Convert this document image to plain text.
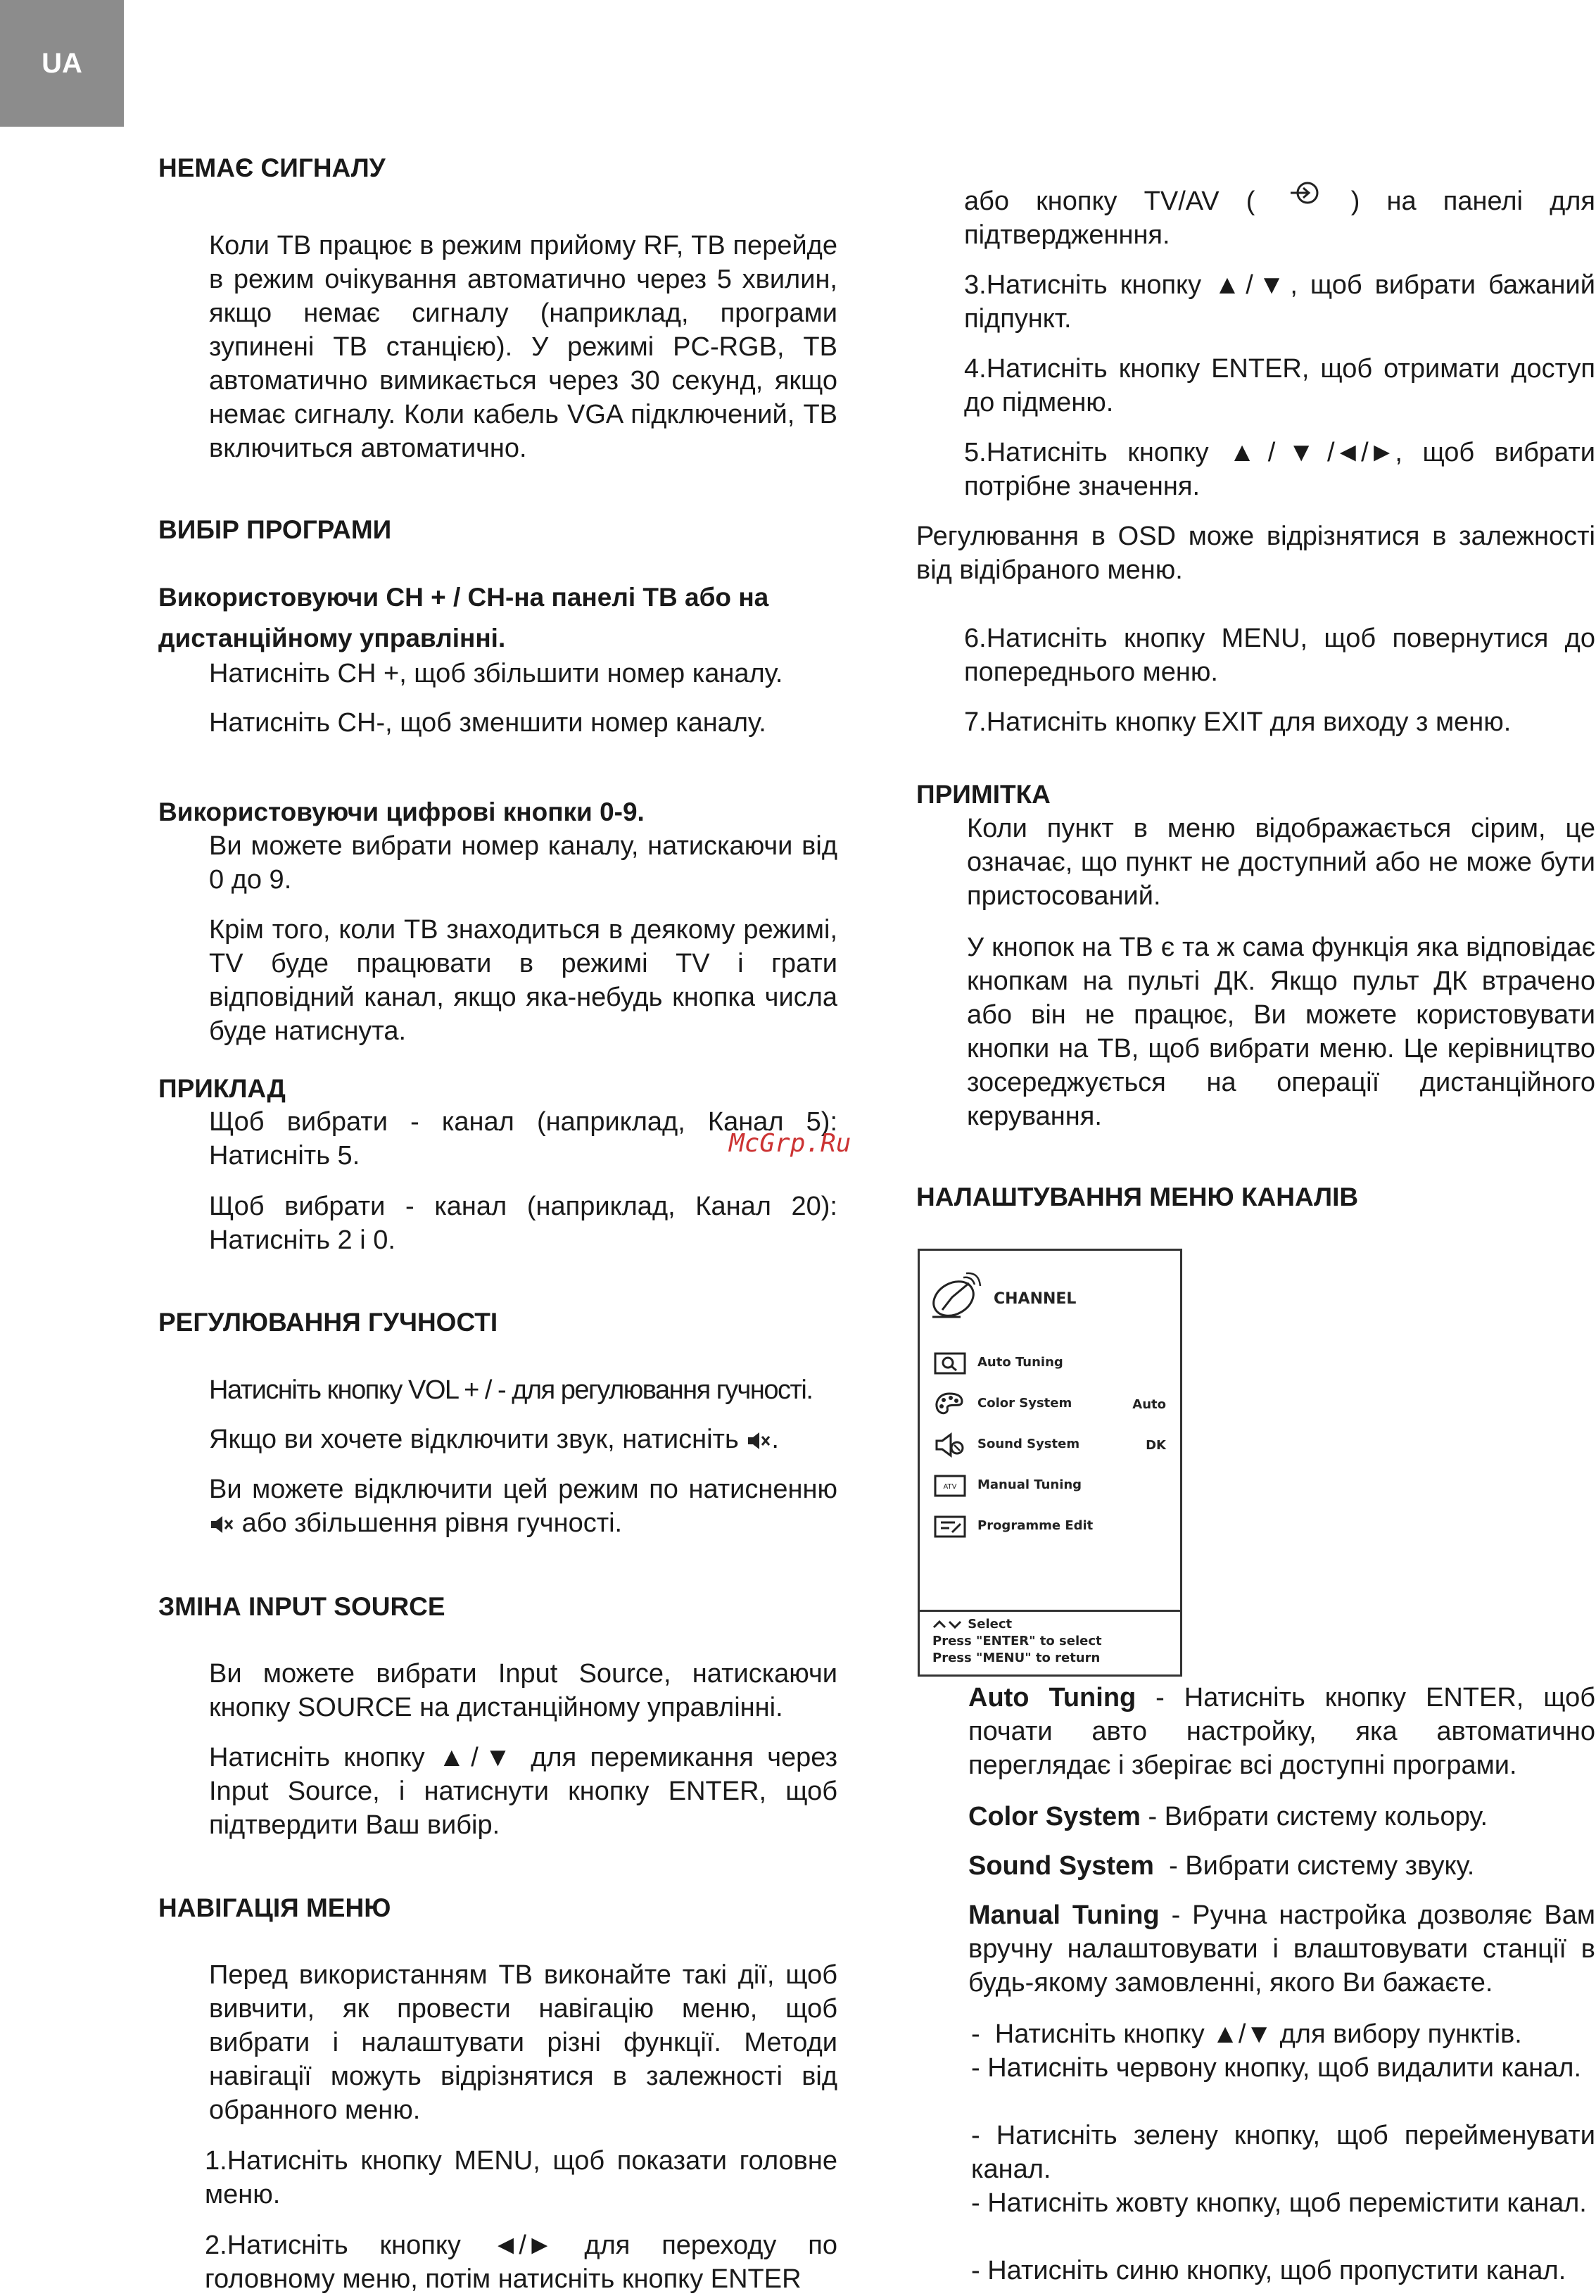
UA
НЕМАЄ СИГНАЛУ

Коли ТВ працює в режим прийому RF, ТВ перейде в режим очікування автоматично через 5 хвилин, якщо немає сигналу (наприклад, програми зупинені ТВ станцією). У режимі PC-RGB, ТВ автоматично вимикається через 30 секунд, якщо немає сигналу. Коли кабель VGA підключений, ТВ включиться автоматично.

ВИБІР ПРОГРАМИ

Використовуючи CH + / CH-на панелі ТВ або на дистанційному управлінні.

Натисніть CH +, щоб збільшити номер каналу.

Натисніть CH-, щоб зменшити номер каналу.

Використовуючи цифрові кнопки 0-9.

Ви можете вибрати номер каналу, натискаючи від 0 до 9.

Крім того, коли ТВ знаходиться в деякому режимі, TV буде працювати в режимі TV і грати відповідний канал, якщо яка-небудь кнопка числа буде натиснута.

ПРИКЛАД

Щоб вибрати - канал (наприклад, Канал 5): Натисніть 5.

Щоб вибрати - канал (наприклад, Канал 20): Натисніть 2 і 0.

РЕГУЛЮВАННЯ ГУЧНОСТІ

Натисніть кнопку VOL + / - для регулювання гучності.

Якщо ви хочете відключити звук, натисніть .

Ви можете відключити цей режим по натисненню  або збільшення рівня гучності.

ЗМІНА INPUT SOURCE

Ви можете вибрати Input Source, натискаючи кнопку SOURCE на дистанційному управлінні.

Натисніть кнопку ▲/▼ для перемикання через Input Source, і натиснути кнопку ENTER, щоб підтвердити Ваш вибір.

НАВІГАЦІЯ МЕНЮ

Перед використанням ТВ виконайте такі дії, щоб вивчити, як провести навігацію меню, щоб вибрати і налаштувати різні функції. Методи навігації можуть відрізнятися в залежності від обранного меню.

1.Натисніть кнопку MENU, щоб показати головне меню.

2.Натисніть кнопку ◄/► для переходу по головному меню, потім натисніть кнопку ENTER

або кнопку TV/AV (	) на панелі для підтвердженння.

3.Натисніть кнопку ▲/▼, щоб вибрати бажаний підпункт.

4.Натисніть кнопку ENTER, щоб отримати доступ до підменю.

5.Натисніть кнопку ▲/▼/◄/►, щоб вибрати потрібне значення.

Регулювання в OSD може відрізнятися в залежності від відібраного меню.

6.Натисніть кнопку MENU, щоб повернутися до попереднього меню.

7.Натисніть кнопку EXIT для виходу з меню.

ПРИМІТКА

Коли пункт в меню відображається сірим, це означає, що пункт не доступний або не може бути пристосований.

У кнопок на ТВ є та ж сама функція яка відповідає кнопкам на пульті ДК. Якщо пульт ДК втрачено або він не працює, Ви можете користовувати кнопки на ТВ, щоб вибрати меню. Це керівництво зосереджується на операції дистанційного керування.

НАЛАШТУВАННЯ МЕНЮ КАНАЛІВ

Auto Tuning - Натисніть кнопку ENTER, щоб почати авто настройку, яка автоматично переглядає і зберігає всі доступні програми.

Color System - Вибрати систему кольору.

Sound System  - Вибрати систему звуку.

Manual Tuning - Ручна настройка дозволяє Вам вручну налаштовувати і влаштовувати станції в будь-якому замовленні, якого Ви бажаєте.

-  Натисніть кнопку ▲/▼ для вибору пунктів.

- Натисніть червону кнопку, щоб видалити канал.

- Натисніть зелену кнопку, щоб перейменувати канал.

- Натисніть жовту кнопку, щоб перемістити канал.

- Натисніть синю кнопку, щоб пропустити канал.

McGrp.Ru
CHANNEL
Auto Tuning
Color System	Auto
Sound System	DK
ATV Manual Tuning
Programme Edit
Select
Press "ENTER" to select
Press "MENU" to return
